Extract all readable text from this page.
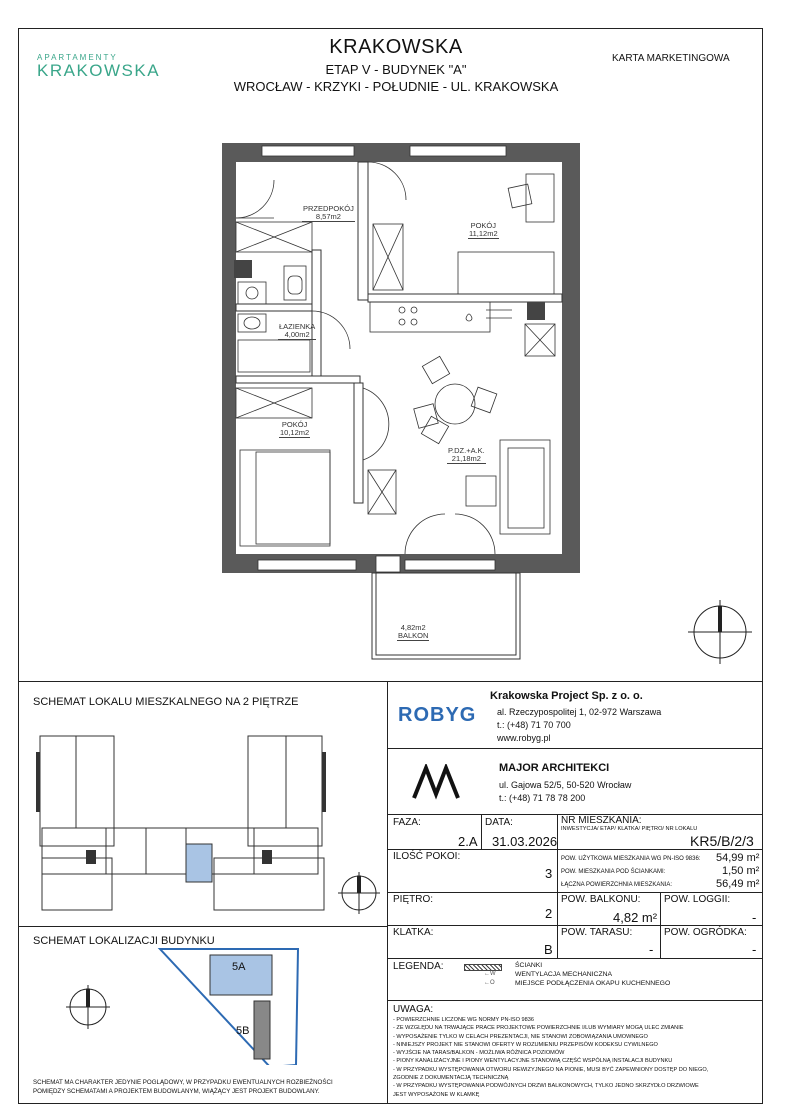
APARTAMENTY
KRAKOWSKA
KRAKOWSKA
ETAP V - BUDYNEK "A"
WROCŁAW - KRZYKI - POŁUDNIE - UL. KRAKOWSKA
KARTA MARKETINGOWA
PRZEDPOKÓJ
8,57m2
POKÓJ
11,12m2
ŁAZIENKA
4,00m2
POKÓJ
10,12m2
P.DZ.+A.K.
21,18m2
4,82m2
BALKON
SCHEMAT LOKALU MIESZKALNEGO NA 2 PIĘTRZE
SCHEMAT LOKALIZACJI BUDYNKU
5A
5B
SCHEMAT MA CHARAKTER JEDYNIE POGLĄDOWY, W PRZYPADKU EWENTUALNYCH ROZBIEŻNOŚCI POMIĘDZY SCHEMATAMI A PROJEKTEM BUDOWLANYM, WIĄŻĄCY JEST PROJEKT BUDOWLANY.
ROBYG
Krakowska Project Sp. z o. o.
al. Rzeczypospolitej 1, 02-972 Warszawa
t.: (+48) 71 70 700
www.robyg.pl
MAJOR ARCHITEKCI
ul. Gajowa 52/5, 50-520 Wrocław
t.: (+48) 71 78 78 200
FAZA:
2.A
DATA:
31.03.2026
NR MIESZKANIA:
INWESTYCJA/ ETAP/ KLATKA/ PIĘTRO/ NR LOKALU
KR5/B/2/3
ILOŚĆ POKOI:
3
POW. UŻYTKOWA MIESZKANIA WG PN-ISO 9836: 54,99 m²
POW. MIESZKANIA POD ŚCIANKAMI:	1,50 m²
ŁĄCZNA POWIERZCHNIA MIESZKANIA:	56,49 m²
PIĘTRO:
2
POW. BALKONU:
4,82 m²
POW. LOGGII:
-
KLATKA:
B
POW. TARASU:
-
POW. OGRÓDKA:
-
LEGENDA:
←W
←O
ŚCIANKI
WENTYLACJA MECHANICZNA
MIEJSCE PODŁĄCZENIA OKAPU KUCHENNEGO
UWAGA:
- POWIERZCHNIE LICZONE WG NORMY PN-ISO 9836
- ZE WZGLĘDU NA TRWAJĄCE PRACE PROJEKTOWE POWIERZCHNIE I/LUB WYMIARY MOGĄ ULEC ZMIANIE
- WYPOSAŻENIE TYLKO W CELACH PREZENTACJI, NIE STANOWI ZOBOWIĄZANIA UMOWNEGO
- NINIEJSZY PROJEKT NIE STANOWI OFERTY W ROZUMIENIU PRZEPISÓW KODEKSU CYWILNEGO
- WYJŚCIE NA TARAS/BALKON - MOŻLIWA RÓŻNICA POZIOMÓW
- PIONY KANALIZACYJNE I PIONY WENTYLACYJNE STANOWIĄ CZĘŚĆ WSPÓLNĄ INSTALACJI BUDYNKU
- W PRZYPADKU WYSTĘPOWANIA OTWORU REWIZYJNEGO NA PIONIE, MUSI BYĆ ZAPEWNIONY DOSTĘP DO NIEGO, ZGODNIE Z DOKUMENTACJĄ TECHNICZNĄ
- W PRZYPADKU WYSTĘPOWANIA PODWÓJNYCH DRZWI BALKONOWYCH, TYLKO JEDNO SKRZYDŁO DRZWIOWE JEST WYPOSAŻONE W KLAMKĘ
